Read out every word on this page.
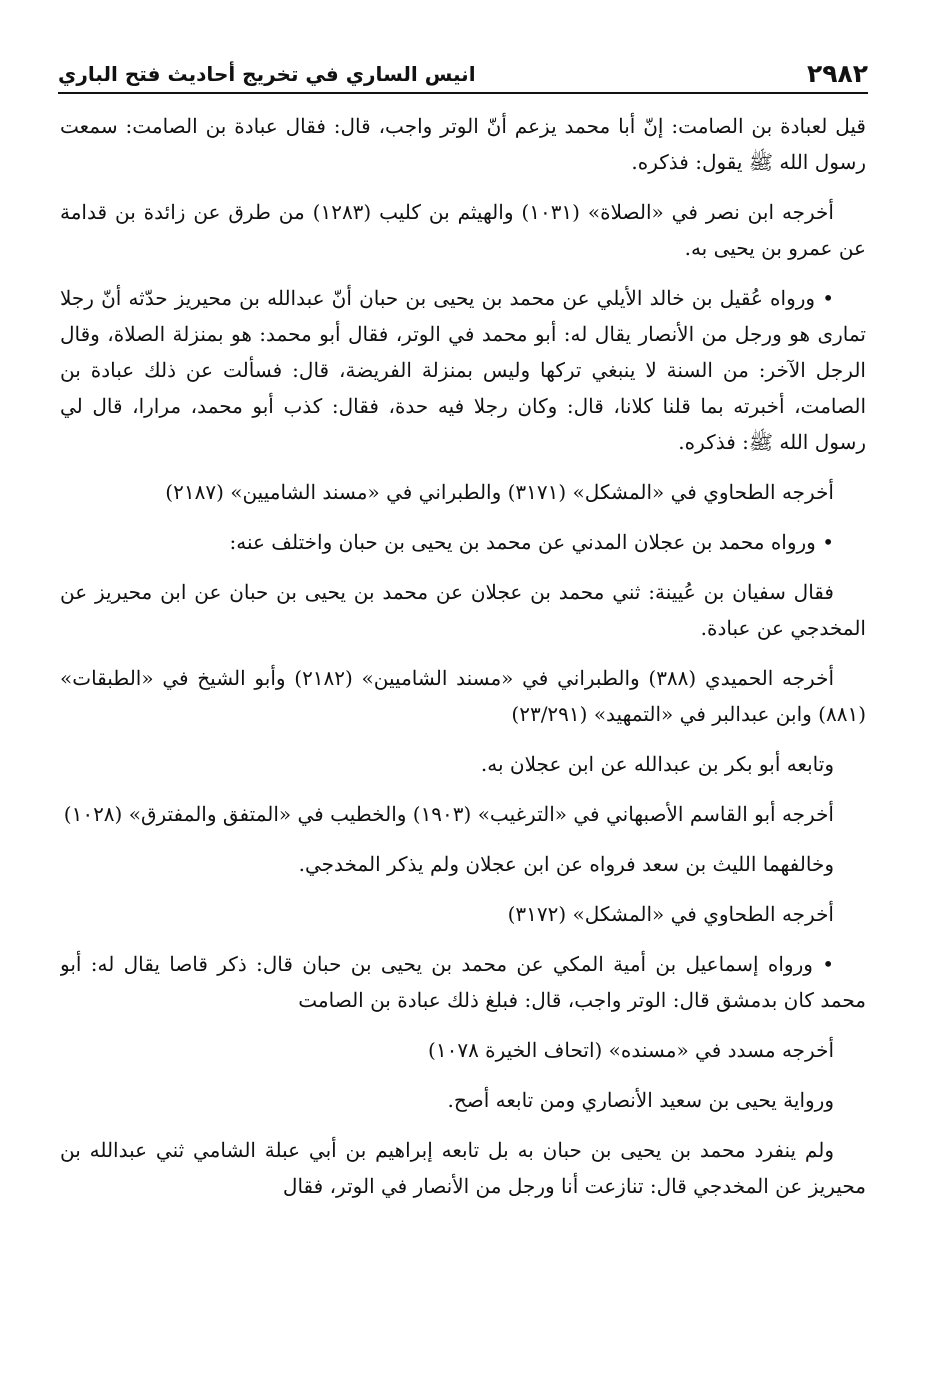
٢٩٨٢
انيس الساري في تخريج أحاديث فتح الباري

قيل لعبادة بن الصامت: إنّ أبا محمد يزعم أنّ الوتر واجب، قال: فقال عبادة بن الصامت: سمعت رسول الله ﷺ يقول: فذكره.

أخرجه ابن نصر في «الصلاة» (١٠٣١) والهيثم بن كليب (١٢٨٣) من طرق عن زائدة بن قدامة عن عمرو بن يحيى به.

• ورواه عُقيل بن خالد الأيلي عن محمد بن يحيى بن حبان أنّ عبدالله بن محيريز حدّثه أنّ رجلا تمارى هو ورجل من الأنصار يقال له: أبو محمد في الوتر، فقال أبو محمد: هو بمنزلة الصلاة، وقال الرجل الآخر: من السنة لا ينبغي تركها وليس بمنزلة الفريضة، قال: فسألت عن ذلك عبادة بن الصامت، أخبرته بما قلنا كلانا، قال: وكان رجلا فيه حدة، فقال: كذب أبو محمد، مرارا، قال لي رسول الله ﷺ: فذكره.

أخرجه الطحاوي في «المشكل» (٣١٧١) والطبراني في «مسند الشاميين» (٢١٨٧)

• ورواه محمد بن عجلان المدني عن محمد بن يحيى بن حبان واختلف عنه:

فقال سفيان بن عُيينة: ثني محمد بن عجلان عن محمد بن يحيى بن حبان عن ابن محيريز عن المخدجي عن عبادة.

أخرجه الحميدي (٣٨٨) والطبراني في «مسند الشاميين» (٢١٨٢) وأبو الشيخ في «الطبقات» (٨٨١) وابن عبدالبر في «التمهيد» (٢٣/٢٩١)

وتابعه أبو بكر بن عبدالله عن ابن عجلان به.

أخرجه أبو القاسم الأصبهاني في «الترغيب» (١٩٠٣) والخطيب في «المتفق والمفترق» (١٠٢٨)

وخالفهما الليث بن سعد فرواه عن ابن عجلان ولم يذكر المخدجي.

أخرجه الطحاوي في «المشكل» (٣١٧٢)

• ورواه إسماعيل بن أمية المكي عن محمد بن يحيى بن حبان قال: ذكر قاصا يقال له: أبو محمد كان بدمشق قال: الوتر واجب، قال: فبلغ ذلك عبادة بن الصامت

أخرجه مسدد في «مسنده» (اتحاف الخيرة ١٠٧٨)

ورواية يحيى بن سعيد الأنصاري ومن تابعه أصح.

ولم ينفرد محمد بن يحيى بن حبان به بل تابعه إبراهيم بن أبي عبلة الشامي ثني عبدالله بن محيريز عن المخدجي قال: تنازعت أنا ورجل من الأنصار في الوتر، فقال
